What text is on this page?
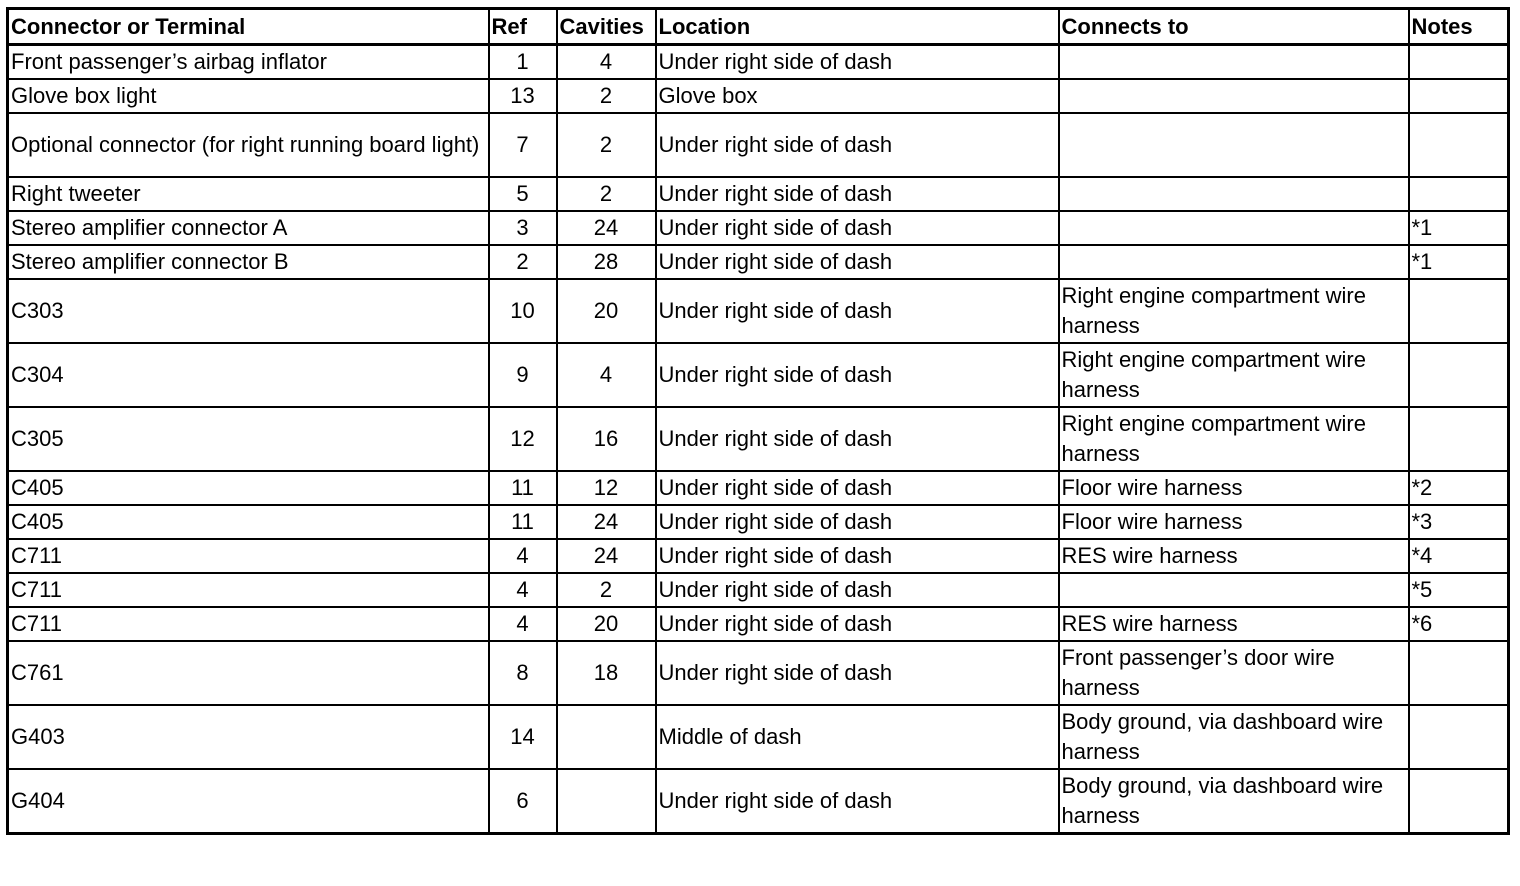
Connector or Terminal	Ref	Cavities	Location	Connects to	Notes
Front passenger’s airbag inflator	1	4	Under right side of dash		
Glove box light	13	2	Glove box		
Optional connector (for right running board light)	7	2	Under right side of dash		
Right tweeter	5	2	Under right side of dash		
Stereo amplifier connector A	3	24	Under right side of dash		*1
Stereo amplifier connector B	2	28	Under right side of dash		*1
C303	10	20	Under right side of dash	Right engine compartment wire harness	
C304	9	4	Under right side of dash	Right engine compartment wire harness	
C305	12	16	Under right side of dash	Right engine compartment wire harness	
C405	11	12	Under right side of dash	Floor wire harness	*2
C405	11	24	Under right side of dash	Floor wire harness	*3
C711	4	24	Under right side of dash	RES wire harness	*4
C711	4	2	Under right side of dash		*5
C711	4	20	Under right side of dash	RES wire harness	*6
C761	8	18	Under right side of dash	Front passenger’s door wire harness	
G403	14		Middle of dash	Body ground, via dashboard wire harness	
G404	6		Under right side of dash	Body ground, via dashboard wire harness	
